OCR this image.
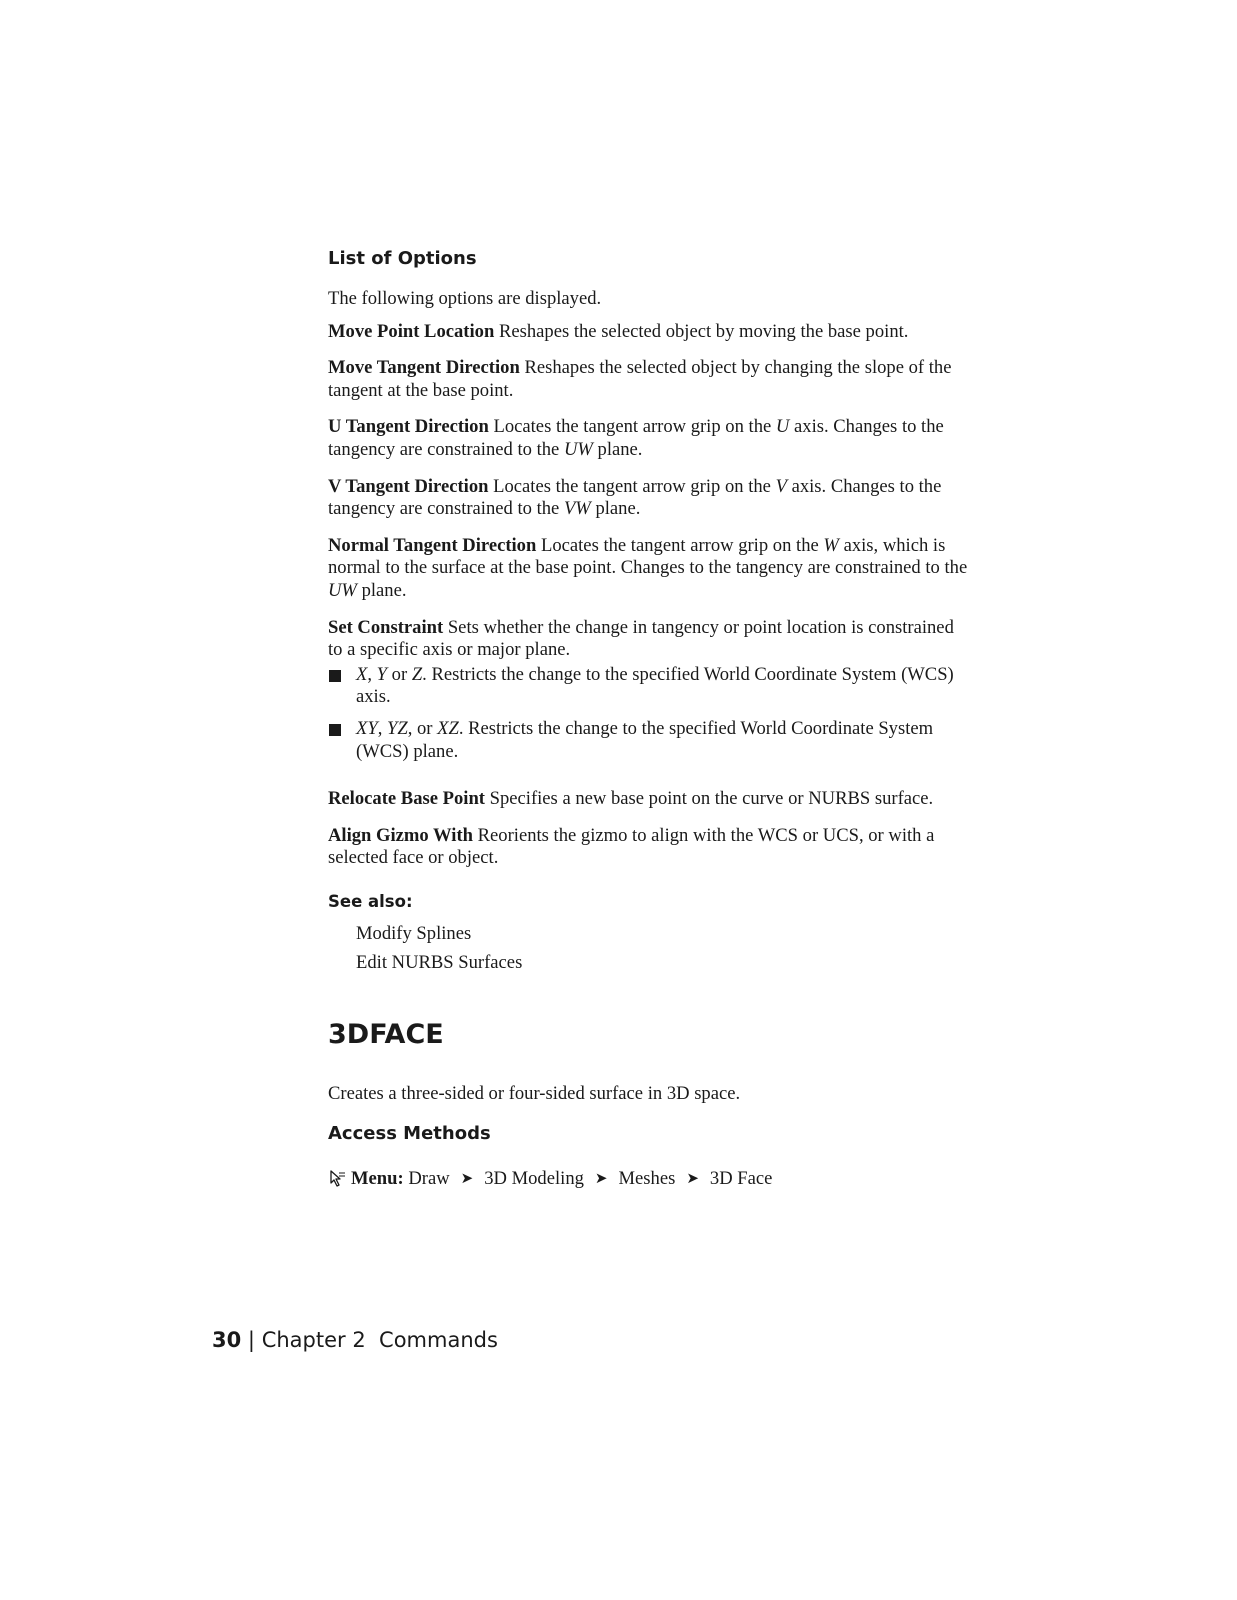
List of Options

The following options are displayed.

Move Point Location Reshapes the selected object by moving the base point.

Move Tangent Direction Reshapes the selected object by changing the slope of the tangent at the base point.

U Tangent Direction Locates the tangent arrow grip on the U axis. Changes to the tangency are constrained to the UW plane.

V Tangent Direction Locates the tangent arrow grip on the V axis. Changes to the tangency are constrained to the VW plane.

Normal Tangent Direction Locates the tangent arrow grip on the W axis, which is normal to the surface at the base point. Changes to the tangency are constrained to the UW plane.

Set Constraint Sets whether the change in tangency or point location is constrained to a specific axis or major plane.

X, Y or Z. Restricts the change to the specified World Coordinate System (WCS) axis.
XY, YZ, or XZ. Restricts the change to the specified World Coordinate System (WCS) plane.

Relocate Base Point Specifies a new base point on the curve or NURBS surface.

Align Gizmo With Reorients the gizmo to align with the WCS or UCS, or with a selected face or object.

See also:
Modify Splines
Edit NURBS Surfaces
3DFACE

Creates a three-sided or four-sided surface in 3D space.

Access Methods
Menu:
Draw ➤ 3D Modeling ➤ Meshes ➤ 3D Face
30 | Chapter 2 Commands
